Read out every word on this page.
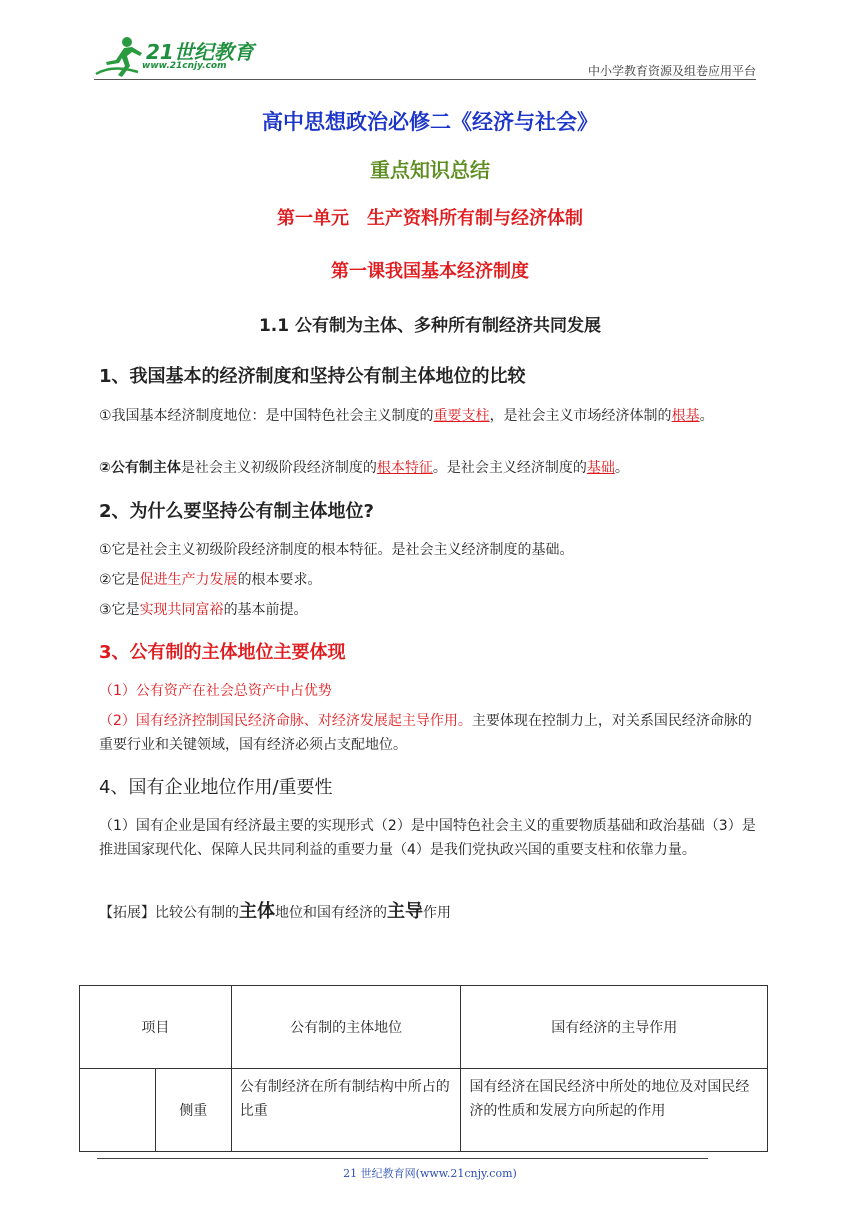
21世纪教育
www.21cnjy.com	中小学教育资源及组卷应用平台
高中思想政治必修二《经济与社会》
重点知识总结
第一单元　生产资料所有制与经济体制
第一课我国基本经济制度
1.1 公有制为主体、多种所有制经济共同发展
1、我国基本的经济制度和坚持公有制主体地位的比较
①我国基本经济制度地位：是中国特色社会主义制度的重要支柱，是社会主义市场经济体制的根基。
②公有制主体是社会主义初级阶段经济制度的根本特征。是社会主义经济制度的基础。
2、为什么要坚持公有制主体地位?
①它是社会主义初级阶段经济制度的根本特征。是社会主义经济制度的基础。
②它是促进生产力发展的根本要求。
③它是实现共同富裕的基本前提。
3、公有制的主体地位主要体现
（1）公有资产在社会总资产中占优势
（2）国有经济控制国民经济命脉、对经济发展起主导作用。主要体现在控制力上，对关系国民经济命脉的重要行业和关键领域，国有经济必须占支配地位。
4、国有企业地位作用/重要性
（1）国有企业是国有经济最主要的实现形式（2）是中国特色社会主义的重要物质基础和政治基础（3）是推进国家现代化、保障人民共同利益的重要力量（4）是我们党执政兴国的重要支柱和依靠力量。
【拓展】比较公有制的主体地位和国有经济的主导作用
项目		公有制的主体地位	国有经济的主导作用
	侧重	公有制经济在所有制结构中所占的比重	国有经济在国民经济中所处的地位及对国民经济的性质和发展方向所起的作用
21 世纪教育网(www.21cnjy.com)
